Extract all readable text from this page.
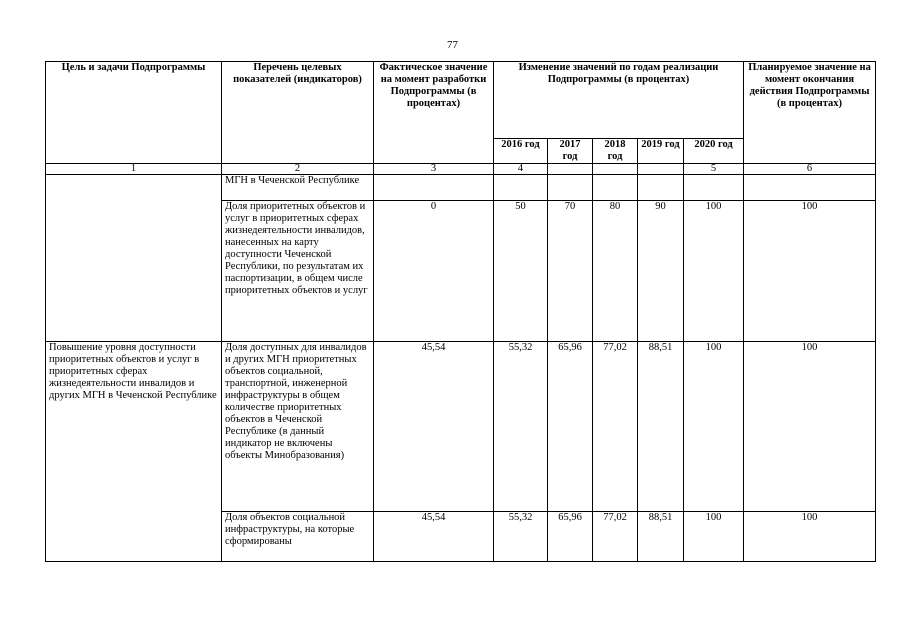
77
Цель и задачи Подпрограммы	Перечень целевых показателей (индикаторов)	Фактическое значение на момент разработки Подпрограммы (в процентах)	Изменение значений по годам реализации Подпрограммы (в процентах)					Планируемое значение на момент окончания действия Подпрограммы (в процентах)
			2016 год	2017 год	2018 год	2019 год	2020 год	
1	2	3	4				5	6
	МГН в Чеченской Республике							
	Доля приоритетных объектов и услуг в приоритетных сферах жизнедеятельности инвалидов, нанесенных на карту доступности Чеченской Республики, по результатам их паспортизации, в общем числе приоритетных объектов и услуг	0	50	70	80	90	100	100
Повышение уровня доступности приоритетных объектов и услуг в приоритетных сферах жизнедеятельности инвалидов и других МГН в Чеченской Республике	Доля доступных для инвалидов и других МГН приоритетных объектов социальной, транспортной, инженерной инфраструктуры в общем количестве приоритетных объектов в Чеченской Республике (в данный индикатор не включены объекты Минобразования)	45,54	55,32	65,96	77,02	88,51	100	100
	Доля объектов социальной инфраструктуры, на которые сформированы	45,54	55,32	65,96	77,02	88,51	100	100
